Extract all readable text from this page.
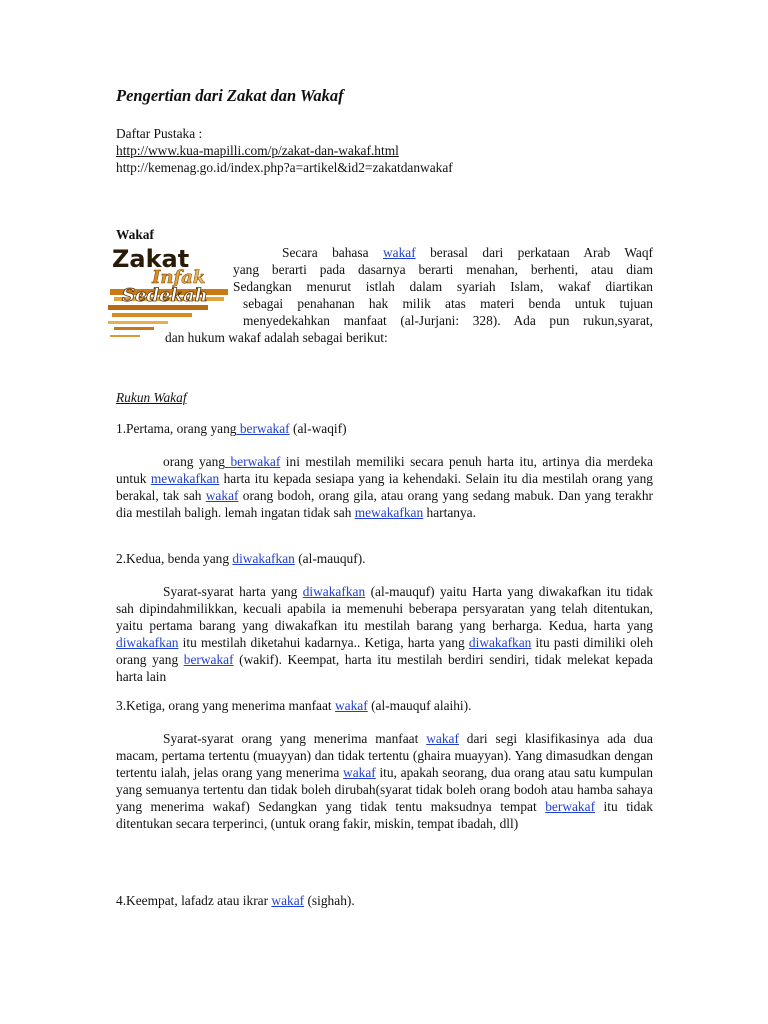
Pengertian dari Zakat dan Wakaf
Daftar Pustaka :
http://www.kua-mapilli.com/p/zakat-dan-wakaf.html
http://kemenag.go.id/index.php?a=artikel&id2=zakatdanwakaf
Wakaf
Zakat
Infak
Sedekah
Secara bahasa wakaf berasal dari perkataan Arab Waqf
yang berarti pada dasarnya berarti menahan, berhenti, atau diam
Sedangkan menurut istlah dalam syariah Islam, wakaf diartikan
sebagai penahanan hak milik atas materi benda untuk tujuan
menyedekahkan manfaat (al-Jurjani: 328). Ada pun rukun,syarat,
dan hukum wakaf adalah sebagai berikut:
Rukun Wakaf
1.Pertama, orang yang berwakaf (al-waqif)
orang yang berwakaf ini mestilah memiliki secara penuh harta itu, artinya dia merdeka untuk mewakafkan harta itu kepada sesiapa yang ia kehendaki. Selain itu dia mestilah orang yang berakal, tak sah wakaf orang bodoh, orang gila, atau orang yang sedang mabuk. Dan yang terakhr dia mestilah baligh. lemah ingatan tidak sah mewakafkan hartanya.
2.Kedua, benda yang diwakafkan (al-mauquf).
Syarat-syarat harta yang diwakafkan (al-mauquf) yaitu Harta yang diwakafkan itu tidak sah dipindahmilikkan, kecuali apabila ia memenuhi beberapa persyaratan yang telah ditentukan, yaitu pertama barang yang diwakafkan itu mestilah barang yang berharga. Kedua, harta yang diwakafkan itu mestilah diketahui kadarnya.. Ketiga, harta yang diwakafkan itu pasti dimiliki oleh orang yang berwakaf (wakif). Keempat, harta itu mestilah berdiri sendiri, tidak melekat kepada harta lain
3.Ketiga, orang yang menerima manfaat wakaf (al-mauquf alaihi).
Syarat-syarat orang yang menerima manfaat wakaf dari segi klasifikasinya ada dua macam, pertama tertentu (muayyan) dan tidak tertentu (ghaira muayyan). Yang dimasudkan dengan tertentu ialah, jelas orang yang menerima wakaf itu, apakah seorang, dua orang atau satu kumpulan yang semuanya tertentu dan tidak boleh dirubah(syarat tidak boleh orang bodoh atau hamba sahaya yang menerima wakaf) Sedangkan yang tidak tentu maksudnya tempat berwakaf itu tidak ditentukan secara terperinci, (untuk orang fakir, miskin, tempat ibadah, dll)
4.Keempat, lafadz atau ikrar wakaf (sighah).
